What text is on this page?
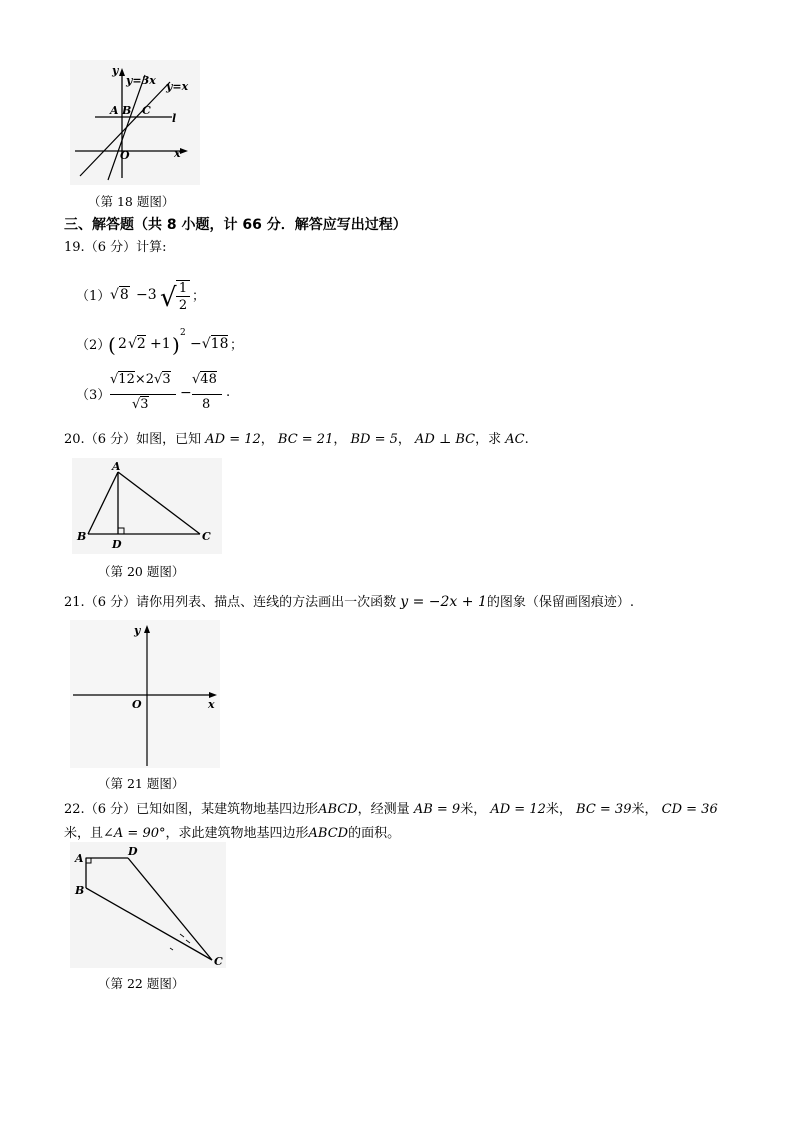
y
y=3x y=x
A B C
l
O	x
（第 18 题图）
三、解答题（共 8 小题，计 66 分．解答应写出过程）
19.（6 分）计算:
（1） √8 −3 √ 1
2
；
（2）
( 2 √2 +1 ) 2
−√18 ；
（3）
√12×2√3
√3
−
√48
8
.
20.（6 分）如图，已知 AD = 12， BC = 21， BD = 5， AD ⊥ BC，求 AC.
A
B
D
C
（第 20 题图）
21.（6 分）请你用列表、描点、连线的方法画出一次函数 y = −2x + 1的图象（保留画图痕迹）.
y
O	x
（第 21 题图）
22.（6 分）已知如图，某建筑物地基四边形ABCD，经测量 AB = 9米， AD = 12米， BC = 39米， CD = 36
米，且∠A = 90°，求此建筑物地基四边形ABCD的面积。
A
D
B
C
（第 22 题图）
